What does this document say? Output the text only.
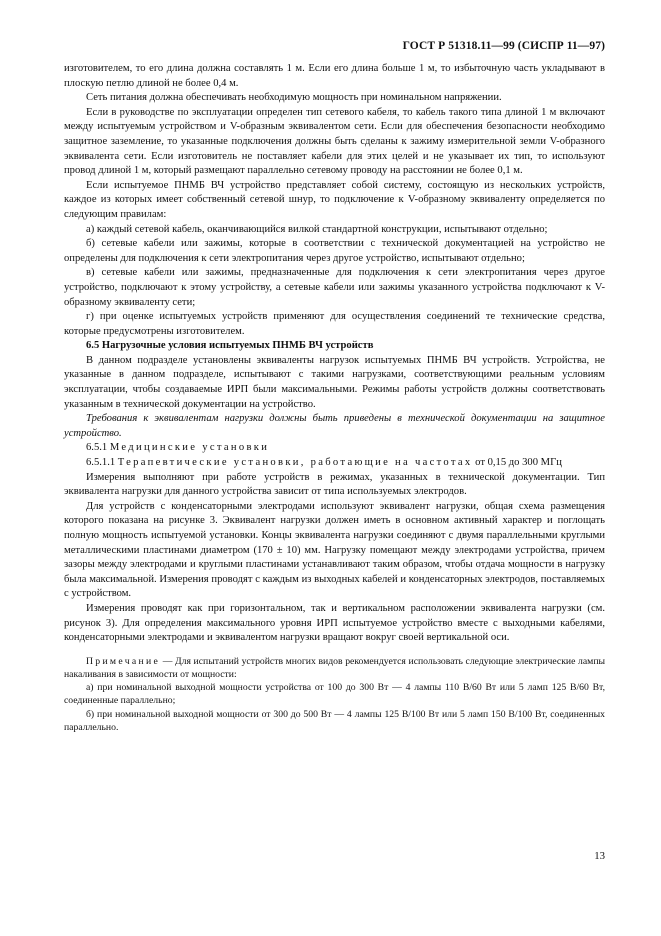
ГОСТ Р 51318.11—99 (СИСПР 11—97)

изготовителем, то его длина должна составлять 1 м. Если его длина больше 1 м, то избыточную часть укладывают в плоскую петлю длиной не более 0,4 м.

Сеть питания должна обеспечивать необходимую мощность при номинальном напряжении.

Если в руководстве по эксплуатации определен тип сетевого кабеля, то кабель такого типа длиной 1 м включают между испытуемым устройством и V-образным эквивалентом сети. Если для обеспечения безопасности необходимо защитное заземление, то указанные подключения должны быть сделаны к зажиму измерительной земли V-образного эквивалента сети. Если изготовитель не поставляет кабели для этих целей и не указывает их тип, то используют провод длиной 1 м, который размещают параллельно сетевому проводу на расстоянии не более 0,1 м.

Если испытуемое ПНМБ ВЧ устройство представляет собой систему, состоящую из нескольких устройств, каждое из которых имеет собственный сетевой шнур, то подключение к V-образному эквиваленту определяется по следующим правилам:

а) каждый сетевой кабель, оканчивающийся вилкой стандартной конструкции, испытывают отдельно;

б) сетевые кабели или зажимы, которые в соответствии с технической документацией на устройство не определены для подключения к сети электропитания через другое устройство, испытывают отдельно;

в) сетевые кабели или зажимы, предназначенные для подключения к сети электропитания через другое устройство, подключают к этому устройству, а сетевые кабели или зажимы указанного устройства подключают к V-образному эквиваленту сети;

г) при оценке испытуемых устройств применяют для осуществления соединений те технические средства, которые предусмотрены изготовителем.

6.5 Нагрузочные условия испытуемых ПНМБ ВЧ устройств

В данном подразделе установлены эквиваленты нагрузок испытуемых ПНМБ ВЧ устройств. Устройства, не указанные в данном подразделе, испытывают с такими нагрузками, соответствующими реальным условиям эксплуатации, чтобы создаваемые ИРП были максимальными. Режимы работы устройств должны соответствовать указанным в технической документации на устройство.

Требования к эквивалентам нагрузки должны быть приведены в технической документации на защитное устройство.

6.5.1 Медицинские установки

6.5.1.1 Терапевтические установки, работающие на частотах от 0,15 до 300 МГц

Измерения выполняют при работе устройств в режимах, указанных в технической документации. Тип эквивалента нагрузки для данного устройства зависит от типа используемых электродов.

Для устройств с конденсаторными электродами используют эквивалент нагрузки, общая схема размещения которого показана на рисунке 3. Эквивалент нагрузки должен иметь в основном активный характер и поглощать полную мощность испытуемой установки. Концы эквивалента нагрузки соединяют с двумя параллельными круглыми металлическими пластинами диаметром (170 ± 10) мм. Нагрузку помещают между электродами устройства, причем зазоры между электродами и круглыми пластинами устанавливают таким образом, чтобы отдача мощности в нагрузку была максимальной. Измерения проводят с каждым из выходных кабелей и конденсаторных электродов, поставляемых с устройством.

Измерения проводят как при горизонтальном, так и вертикальном расположении эквивалента нагрузки (см. рисунок 3). Для определения максимального уровня ИРП испытуемое устройство вместе с выходными кабелями, конденсаторными электродами и эквивалентом нагрузки вращают вокруг своей вертикальной оси.

Примечание — Для испытаний устройств многих видов рекомендуется использовать следующие электрические лампы накаливания в зависимости от мощности:

а) при номинальной выходной мощности устройства от 100 до 300 Вт — 4 лампы 110 В/60 Вт или 5 ламп 125 В/60 Вт, соединенные параллельно;

б) при номинальной выходной мощности от 300 до 500 Вт — 4 лампы 125 В/100 Вт или 5 ламп 150 В/100 Вт, соединенных параллельно.

13
